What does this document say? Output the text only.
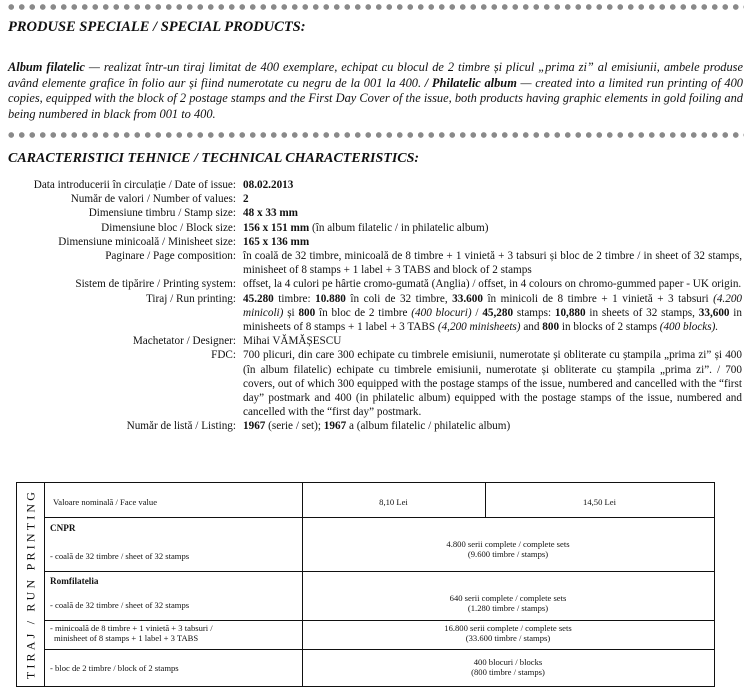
PRODUSE SPECIALE / SPECIAL PRODUCTS:

Album filatelic — realizat într-un tiraj limitat de 400 exemplare, echipat cu blocul de 2 timbre și plicul „prima zi” al emisiunii, ambele produse având elemente grafice în folio aur și fiind numerotate cu negru de la 001 la 400. / Philatelic album — created into a limited run printing of 400 copies, equipped with the block of 2 postage stamps and the First Day Cover of the issue, both products having graphic elements in gold foiling and being numbered in black from 001 to 400.

CARACTERISTICI TEHNICE / TECHNICAL CHARACTERISTICS:
Data introducerii în circulație / Date of issue: 08.02.2013
Număr de valori / Number of values: 2
Dimensiune timbru / Stamp size: 48 x 33 mm
Dimensiune bloc / Block size: 156 x 151 mm (în album filatelic / in philatelic album)
Dimensiune minicoală / Minisheet size: 165 x 136 mm
Paginare / Page composition: în coală de 32 timbre, minicoală de 8 timbre + 1 vinietă + 3 tabsuri și bloc de 2 timbre / in sheet of 32 stamps, minisheet of 8 stamps + 1 label + 3 TABS and block of 2 stamps
Sistem de tipărire / Printing system: offset, la 4 culori pe hârtie cromo-gumată (Anglia) / offset, in 4 colours on chromo-gummed paper - UK origin.
Tiraj / Run printing: 45.280 timbre: 10.880 în coli de 32 timbre, 33.600 în minicoli de 8 timbre + 1 vinietă + 3 tabsuri (4.200 minicoli) și 800 în bloc de 2 timbre (400 blocuri) / 45,280 stamps: 10,880 in sheets of 32 stamps, 33,600 in minisheets of 8 stamps + 1 label + 3 TABS (4,200 minisheets) and 800 in blocks of 2 stamps (400 blocks).
Machetator / Designer: Mihai VĂMĂȘESCU
FDC: 700 plicuri, din care 300 echipate cu timbrele emisiunii, numerotate și obliterate cu ștampila „prima zi” și 400 (în album filatelic) echipate cu timbrele emisiunii, numerotate și obliterate cu ștampila „prima zi”. / 700 covers, out of which 300 equipped with the postage stamps of the issue, numbered and cancelled with the “first day” postmark and 400 (in philatelic album) equipped with the postage stamps of the issue, numbered and cancelled with the “first day” postmark.
Număr de listă / Listing: 1967 (serie / set); 1967 a (album filatelic / philatelic album)
TIRAJ / RUN PRINTING Valoare nominală / Face value	8,10 Lei	14,50 Lei
CNPR
- coală de 32 timbre / sheet of 32 stamps
4.800 serii complete / complete sets
(9.600 timbre / stamps)
Romfilatelia
- coală de 32 timbre / sheet of 32 stamps
640 serii complete / complete sets
(1.280 timbre / stamps)
- minicoală de 8 timbre + 1 vinietă + 3 tabsuri /
minisheet of 8 stamps + 1 label + 3 TABS
16.800 serii complete / complete sets
(33.600 timbre / stamps)
- bloc de 2 timbre / block of 2 stamps
400 blocuri / blocks
(800 timbre / stamps)
